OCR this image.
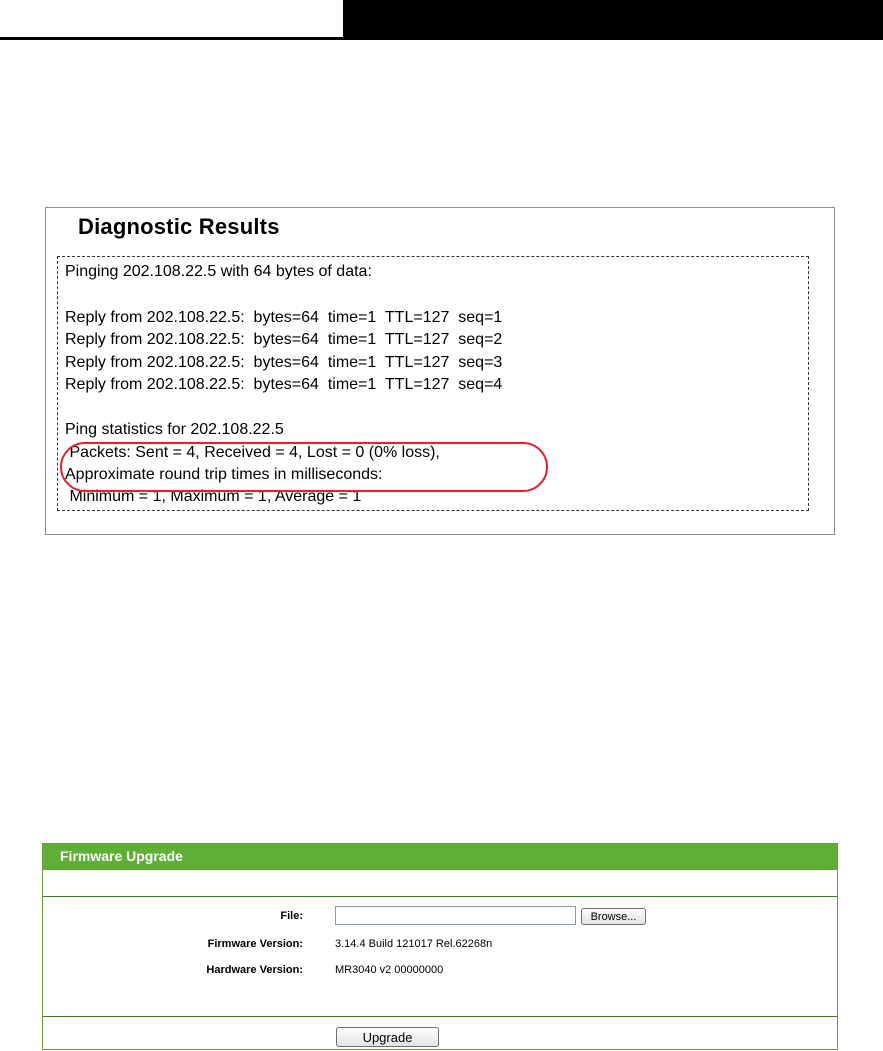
Diagnostic Results
Pinging 202.108.22.5 with 64 bytes of data:
Reply from 202.108.22.5:  bytes=64  time=1  TTL=127  seq=1
Reply from 202.108.22.5:  bytes=64  time=1  TTL=127  seq=2
Reply from 202.108.22.5:  bytes=64  time=1  TTL=127  seq=3
Reply from 202.108.22.5:  bytes=64  time=1  TTL=127  seq=4
Ping statistics for 202.108.22.5
Packets: Sent = 4, Received = 4, Lost = 0 (0% loss),
Approximate round trip times in milliseconds:
Minimum = 1, Maximum = 1, Average = 1
Firmware Upgrade
File:	Browse...
Firmware Version:	3.14.4 Build 121017 Rel.62268n
Hardware Version:	MR3040 v2 00000000
Upgrade
